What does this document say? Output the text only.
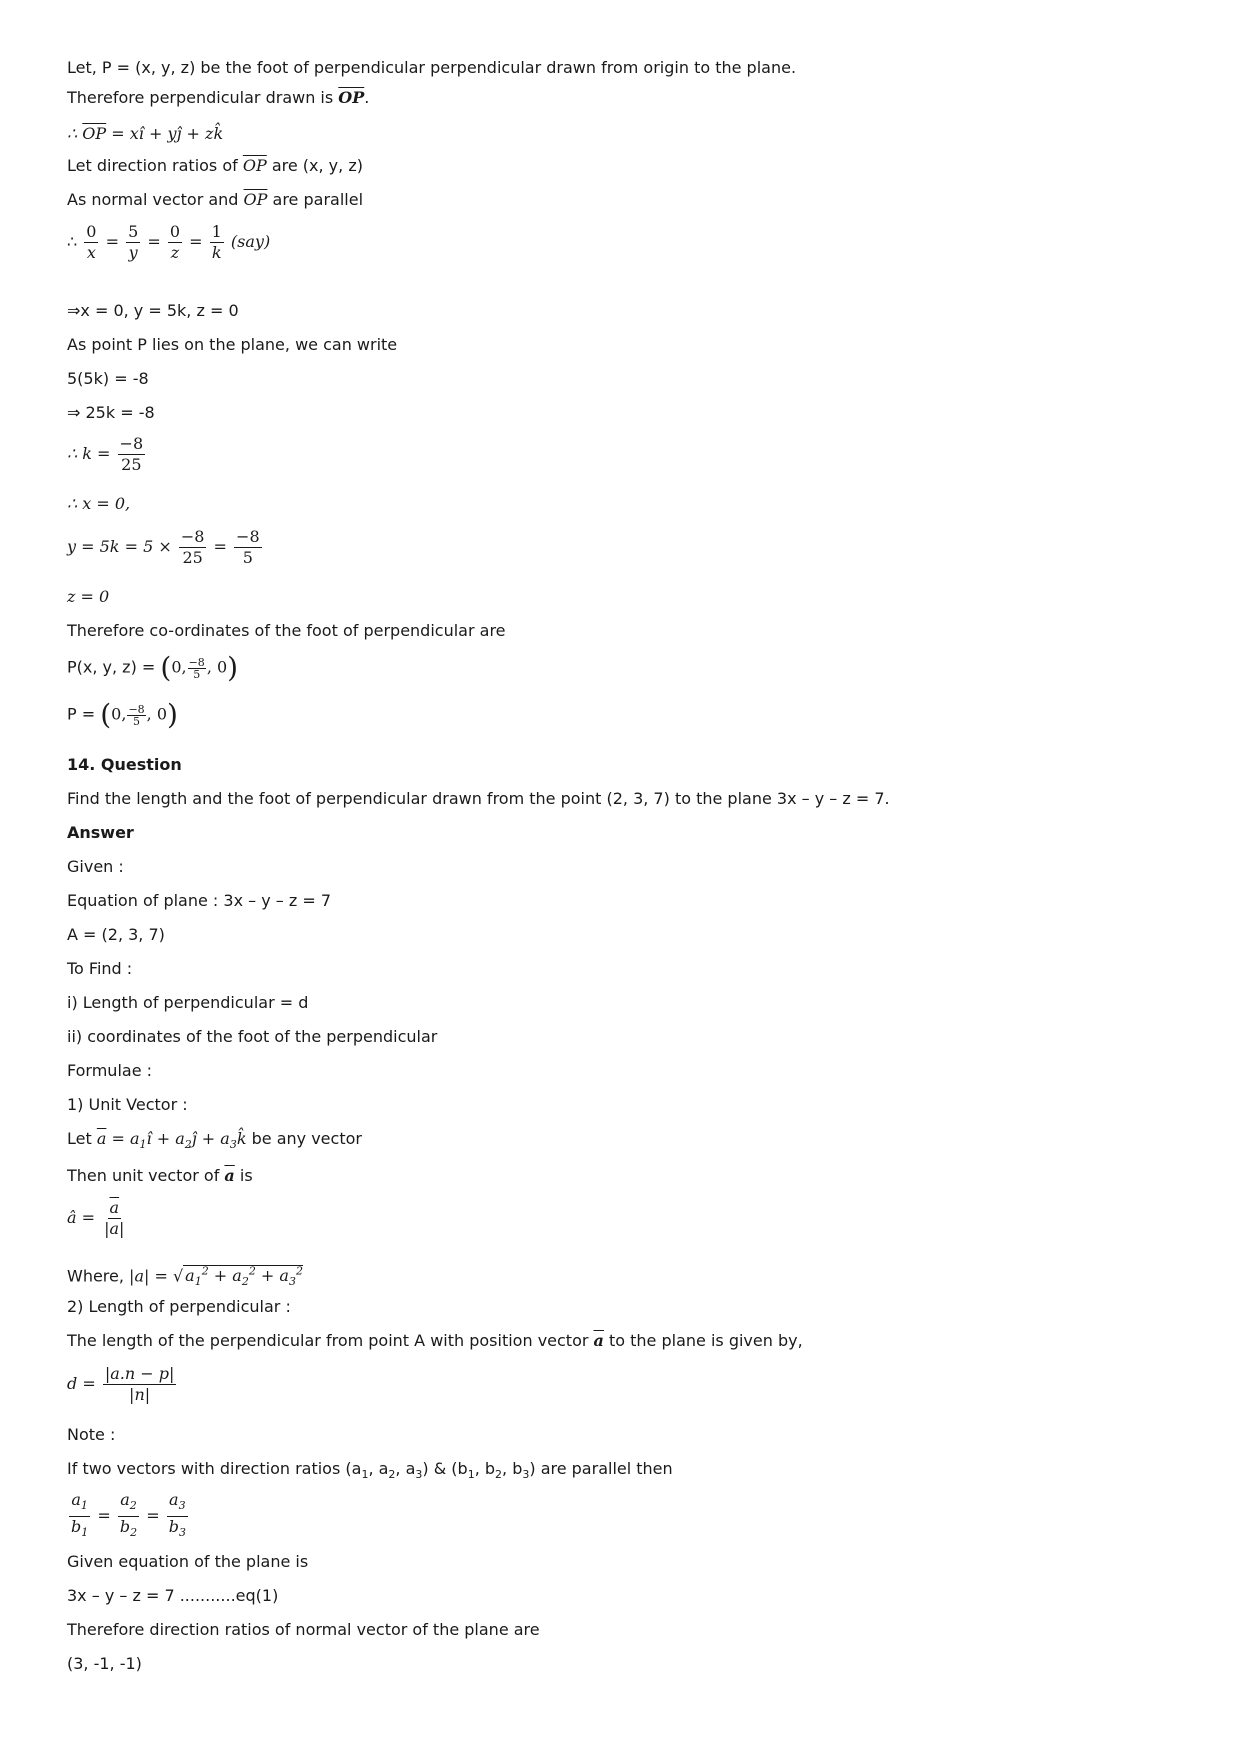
Let, P = (x, y, z) be the foot of perpendicular perpendicular drawn from origin to the plane.
Therefore perpendicular drawn is $\overline{OP}$.
∴ $\overline{OP}$ = xî + yĵ + zk̂
Let direction ratios of $\overline{OP}$ are (x, y, z)
As normal vector and $\overline{OP}$ are parallel
∴ $\frac{0}{x} = \frac{5}{y} = \frac{0}{z} = \frac{1}{k} (say)$
⇒x = 0, y = 5k, z = 0
As point P lies on the plane, we can write
5(5k) = -8
⇒ 25k = -8
∴ $k = \frac{-8}{25}$
∴ x = 0,
$y = 5k = 5 \times \frac{-8}{25} = \frac{-8}{5}$
z = 0
Therefore co-ordinates of the foot of perpendicular are
P(x, y, z) = (0, $\frac{-8}{5}$ , 0)
P = (0, $\frac{-8}{5}$ , 0)
14. Question
Find the length and the foot of perpendicular drawn from the point (2, 3, 7) to the plane 3x – y – z = 7.
Answer
Given :
Equation of plane : 3x – y – z = 7
A = (2, 3, 7)
To Find :
i) Length of perpendicular = d
ii) coordinates of the foot of the perpendicular
Formulae :
1) Unit Vector :
Let $\overline{a}$ = $a_1î$ + $a_2ĵ$ + $a_3k̂$ be any vector
Then unit vector of $\overline{a}$ is
â = $\frac{\overline{a}}{|a|}$
Where, |a| = √ $a_1^2 + a_2^2 + a_3^2$
2) Length of perpendicular :
The length of the perpendicular from point A with position vector $\overline{a}$ to the plane is given by,
$d = \frac{|a.n - p|}{|n|}$
Note :
If two vectors with direction ratios ($a_1$, $a_2$, $a_3$) & ($b_1$, $b_2$, $b_3$) are parallel then
$\frac{a_1}{b_1} = \frac{a_2}{b_2} = \frac{a_3}{b_3}$
Given equation of the plane is
3x – y – z = 7 ...........eq(1)
Therefore direction ratios of normal vector of the plane are
(3, -1, -1)
